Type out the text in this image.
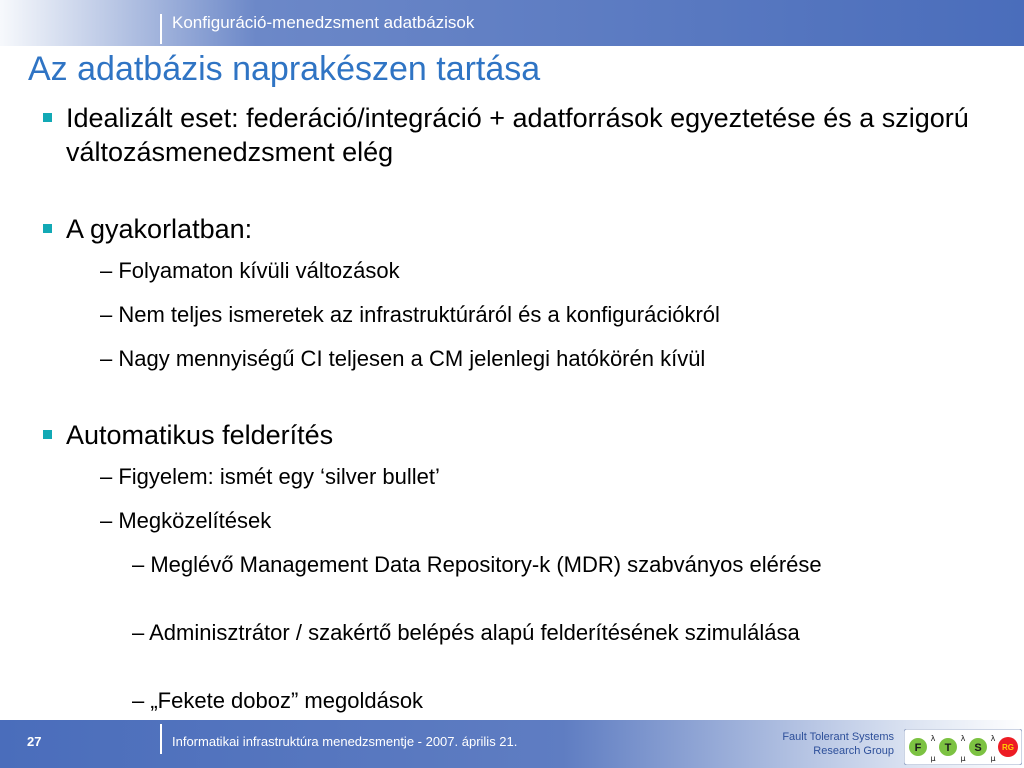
Konfiguráció-menedzsment adatbázisok
Az adatbázis naprakészen tartása
Idealizált eset: federáció/integráció + adatforrások egyeztetése és a szigorú változásmenedzsment elég
A gyakorlatban:
– Folyamaton kívüli változások
– Nem teljes ismeretek az infrastruktúráról és a konfigurációkról
– Nagy mennyiségű CI teljesen a CM jelenlegi hatókörén kívül
Automatikus felderítés
– Figyelem: ismét egy ‘silver bullet’
– Megközelítések
– Meglévő Management Data Repository-k (MDR) szabványos elérése
– Adminisztrátor / szakértő belépés alapú felderítésének szimulálása
– „Fekete doboz” megoldások
27	Informatikai infrastruktúra menedzsmentje - 2007. április 21.	Fault Tolerant Systems
Research Group F T S	RG
λ
μ
λ
μ
λ
μ
